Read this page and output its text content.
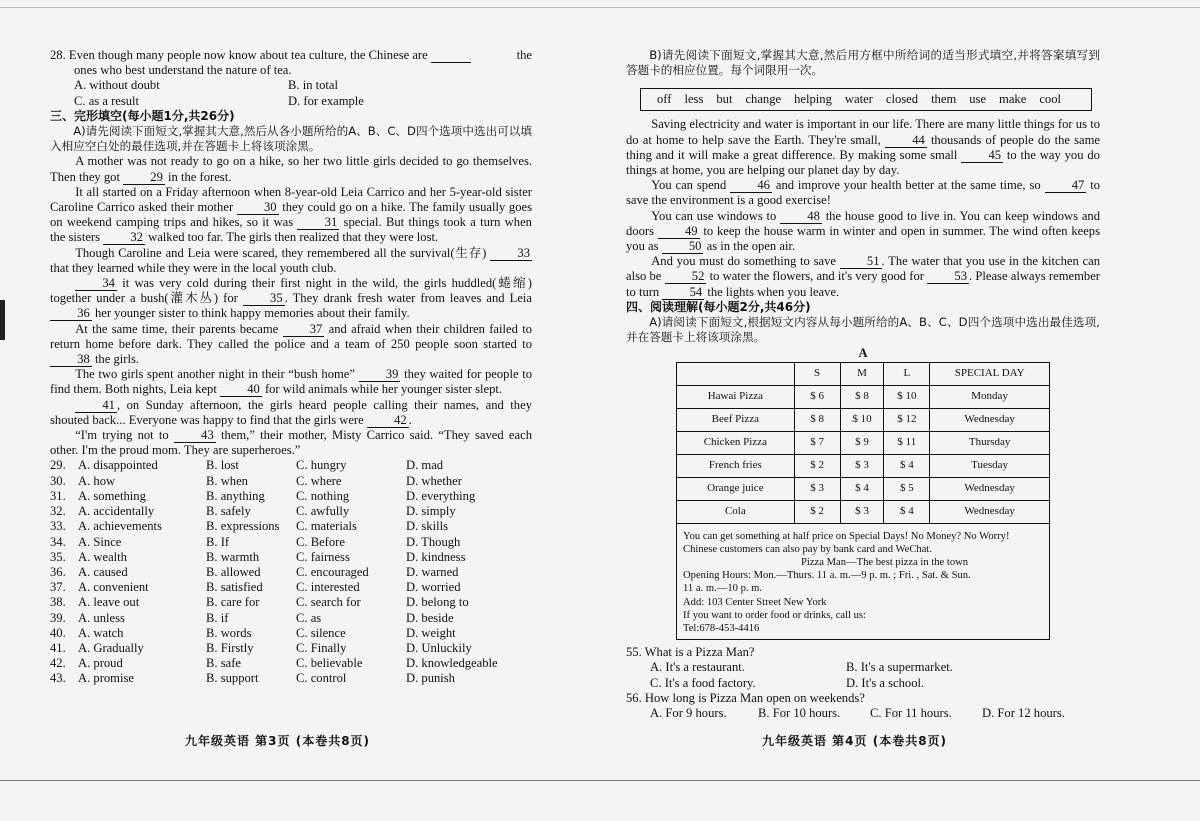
28. Even though many people now know about tea culture, the Chinese are	the
ones who best understand the nature of tea.
A. without doubt	B. in total
C. as a result	D. for example
三、完形填空(每小题1分,共26分)
A)请先阅读下面短文,掌握其大意,然后从各小题所给的A、B、C、D四个选项中选出可以填入相应空白处的最佳选项,并在答题卡上将该项涂黑。

A mother was not ready to go on a hike, so her two little girls decided to go themselves. Then they got 29 in the forest.

It all started on a Friday afternoon when 8-year-old Leia Carrico and her 5-year-old sister Caroline Carrico asked their mother 30 they could go on a hike. The family usually goes on weekend camping trips and hikes, so it was 31 special. But things took a turn when the sisters 32 walked too far. The girls then realized that they were lost.

Though Caroline and Leia were scared, they remembered all the survival(生存) 33 that they learned while they were in the local youth club.

34 it was very cold during their first night in the wild, the girls huddled(蜷缩) together under a bush(灌木丛) for	35 . They drank fresh water from leaves and Leia 36 her younger sister to think happy memories about their family.

At the same time, their parents became 37 and afraid when their children failed to return home before dark. They called the police and a team of 250 people soon started to 38 the girls.

The two girls spent another night in their “bush home” 39 they waited for people to find them. Both nights, Leia kept 40 for wild animals while her younger sister slept.

41 , on Sunday afternoon, the girls heard people calling their names, and they shouted back... Everyone was happy to find that the girls were 42 .

“I'm trying not to	43 them,” their mother, Misty Carrico said. “They saved each other. I'm the proud mom. They are superheroes.”

29. A. disappointed	B. lost	C. hungry	D. mad
30. A. how	B. when	C. where	D. whether
31. A. something	B. anything	C. nothing	D. everything
32. A. accidentally	B. safely	C. awfully	D. simply
33. A. achievements	B. expressions	C. materials	D. skills
34. A. Since	B. If	C. Before	D. Though
35. A. wealth	B. warmth	C. fairness	D. kindness
36. A. caused	B. allowed	C. encouraged	D. warned
37. A. convenient	B. satisfied	C. interested	D. worried
38. A. leave out	B. care for	C. search for	D. belong to
39. A. unless	B. if	C. as	D. beside
40. A. watch	B. words	C. silence	D. weight
41. A. Gradually	B. Firstly	C. Finally	D. Unluckily
42. A. proud	B. safe	C. believable	D. knowledgeable
43. A. promise	B. support	C. control	D. punish
B)请先阅读下面短文,掌握其大意,然后用方框中所给词的适当形式填空,并将答案填写到答题卡的相应位置。每个词限用一次。
off less but change helping water closed them use make cool

Saving electricity and water is important in our life. There are many little things for us to do at home to help save the Earth. They're small, 44 thousands of people do the same thing and it will make a great difference. By making some small 45 to the way you do things at home, you are helping our planet day by day.

You can spend 46 and improve your health better at the same time, so 47 to save the environment is a good exercise!

You can use windows to 48 the house good to live in. You can keep windows and doors 49 to keep the house warm in winter and open in summer. The wind often keeps you as 50 as in the open air.

And you must do something to save 51 . The water that you use in the kitchen can also be 52 to water the flowers, and it's very good for 53 . Please always remember to turn 54 the lights when you leave.

四、阅读理解(每小题2分,共46分)
A)请阅读下面短文,根据短文内容从每小题所给的A、B、C、D四个选项中选出最佳选项,并在答题卡上将该项涂黑。
A
	S	M	L	SPECIAL DAY
Hawai Pizza	$ 6	$ 8	$ 10	Monday
Beef Pizza	$ 8	$ 10	$ 12	Wednesday
Chicken Pizza	$ 7	$ 9	$ 11	Thursday
French fries	$ 2	$ 3	$ 4	Tuesday
Orange juice	$ 3	$ 4	$ 5	Wednesday
Cola	$ 2	$ 3	$ 4	Wednesday
You can get something at half price on Special Days! No Money? No Worry!
Chinese customers can also pay by bank card and WeChat.
Pizza Man—The best pizza in the town
Opening Hours: Mon.—Thurs. 11 a. m.—9 p. m. ; Fri. , Sat. & Sun.
11 a. m.—10 p. m.
Add: 103 Center Street New York
If you want to order food or drinks, call us:
Tel:678-453-4416
55. What is a Pizza Man?
A. It's a restaurant.	B. It's a supermarket.
C. It's a food factory.	D. It's a school.
56. How long is Pizza Man open on weekends?
A. For 9 hours.	B. For 10 hours.	C. For 11 hours.	D. For 12 hours.
九年级英语 第3页 (本卷共8页)	九年级英语 第4页 (本卷共8页)
